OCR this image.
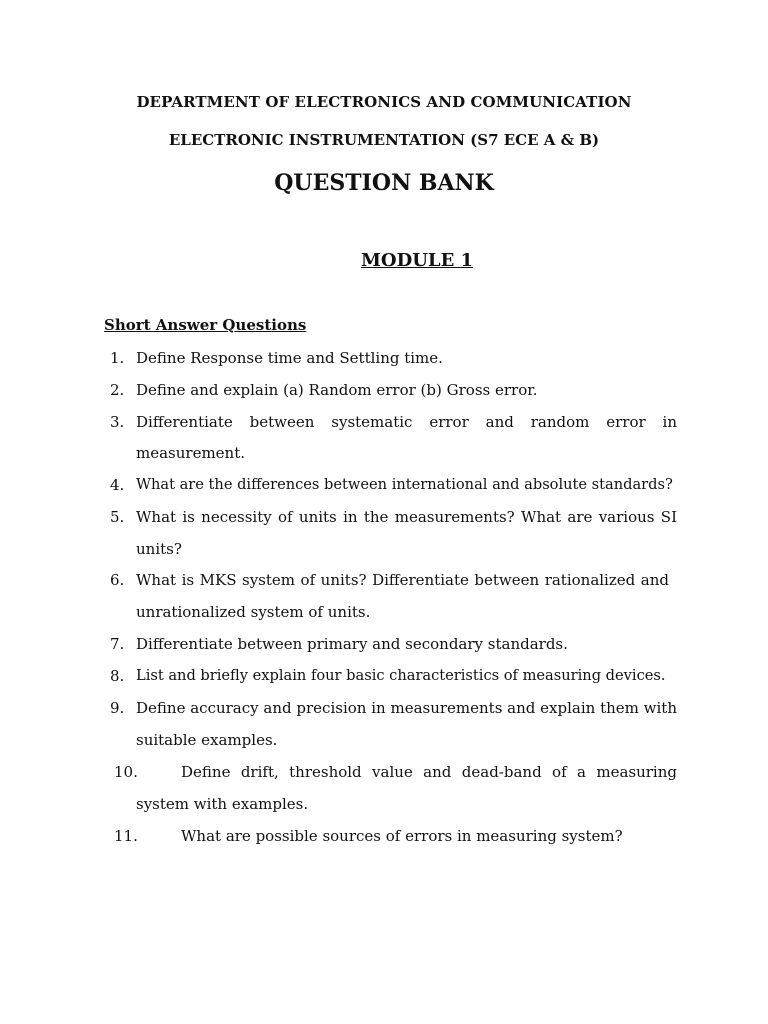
DEPARTMENT OF ELECTRONICS AND COMMUNICATION
ELECTRONIC INSTRUMENTATION (S7 ECE A & B)
QUESTION BANK
MODULE 1
Short Answer Questions
1. Define Response time and Settling time.
2. Define and explain (a) Random error (b) Gross error.
3. Differentiate between systematic error and random error in
measurement.
4. What are the differences between international and absolute standards?
5. What is necessity of units in the measurements? What are various SI
units?
6. What is MKS system of units? Differentiate between rationalized and
unrationalized system of units.
7. Differentiate between primary and secondary standards.
8. List and briefly explain four basic characteristics of measuring devices.
9. Define accuracy and precision in measurements and explain them with
suitable examples.
10.	Define drift, threshold value and dead-band of a measuring
system with examples.
11.	What are possible sources of errors in measuring system?
